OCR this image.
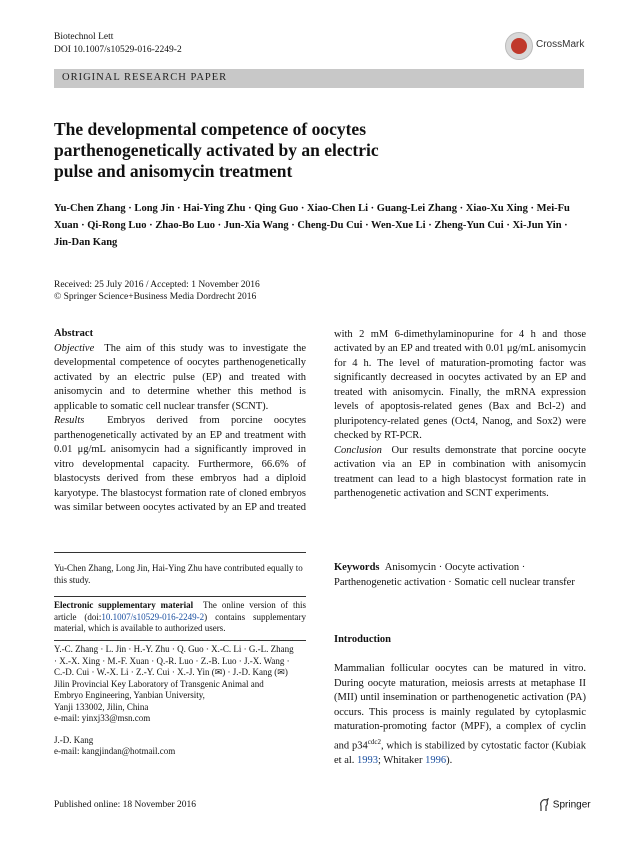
Biotechnol Lett
DOI 10.1007/s10529-016-2249-2	CrossMark
ORIGINAL RESEARCH PAPER
The developmental competence of oocytes parthenogenetically activated by an electric pulse and anisomycin treatment
Yu-Chen Zhang · Long Jin · Hai-Ying Zhu · Qing Guo · Xiao-Chen Li · Guang-Lei Zhang · Xiao-Xu Xing · Mei-Fu Xuan · Qi-Rong Luo · Zhao-Bo Luo · Jun-Xia Wang · Cheng-Du Cui · Wen-Xue Li · Zheng-Yun Cui · Xi-Jun Yin · Jin-Dan Kang
Received: 25 July 2016 / Accepted: 1 November 2016
© Springer Science+Business Media Dordrecht 2016
Abstract

Objective The aim of this study was to investigate the developmental competence of oocytes parthenogenetically activated by an electric pulse (EP) and treated with anisomycin and to determine whether this method is applicable to somatic cell nuclear transfer (SCNT).

Results Embryos derived from porcine oocytes parthenogenetically activated by an EP and treatment with 0.01 μg/mL anisomycin had a significantly improved in vitro developmental capacity. Furthermore, 66.6% of blastocysts derived from these embryos had a diploid karyotype. The blastocyst formation rate of cloned embryos was similar between oocytes activated by an EP and treated

Yu-Chen Zhang, Long Jin, Hai-Ying Zhu have contributed equally to this study.
Electronic supplementary material The online version of this article (doi:10.1007/s10529-016-2249-2) contains supplementary material, which is available to authorized users.
Y.-C. Zhang · L. Jin · H.-Y. Zhu · Q. Guo · X.-C. Li · G.-L. Zhang · X.-X. Xing · M.-F. Xuan · Q.-R. Luo · Z.-B. Luo · J.-X. Wang · C.-D. Cui · W.-X. Li · Z.-Y. Cui · X.-J. Yin (✉) · J.-D. Kang (✉)
Jilin Provincial Key Laboratory of Transgenic Animal and Embryo Engineering, Yanbian University,
Yanji 133002, Jilin, China
e-mail: yinxj33@msn.com
J.-D. Kang
e-mail: kangjindan@hotmail.com

with 2 mM 6-dimethylaminopurine for 4 h and those activated by an EP and treated with 0.01 μg/mL anisomycin for 4 h. The level of maturation-promoting factor was significantly decreased in oocytes activated by an EP and treated with anisomycin. Finally, the mRNA expression levels of apoptosis-related genes (Bax and Bcl-2) and pluripotency-related genes (Oct4, Nanog, and Sox2) were checked by RT-PCR.

Conclusion Our results demonstrate that porcine oocyte activation via an EP in combination with anisomycin treatment can lead to a high blastocyst formation rate in parthenogenetic activation and SCNT experiments.

Keywords Anisomycin · Oocyte activation · Parthenogenetic activation · Somatic cell nuclear transfer
Introduction
Mammalian follicular oocytes can be matured in vitro. During oocyte maturation, meiosis arrests at metaphase II (MII) until insemination or parthenogenetic activation (PA) occurs. This process is mainly regulated by cytoplasmic maturation-promoting factor (MPF), a complex of cyclin and $p34^{cdc2}$, which is stabilized by cytostatic factor (Kubiak et al. 1993; Whitaker 1996).
Published online: 18 November 2016	Springer
